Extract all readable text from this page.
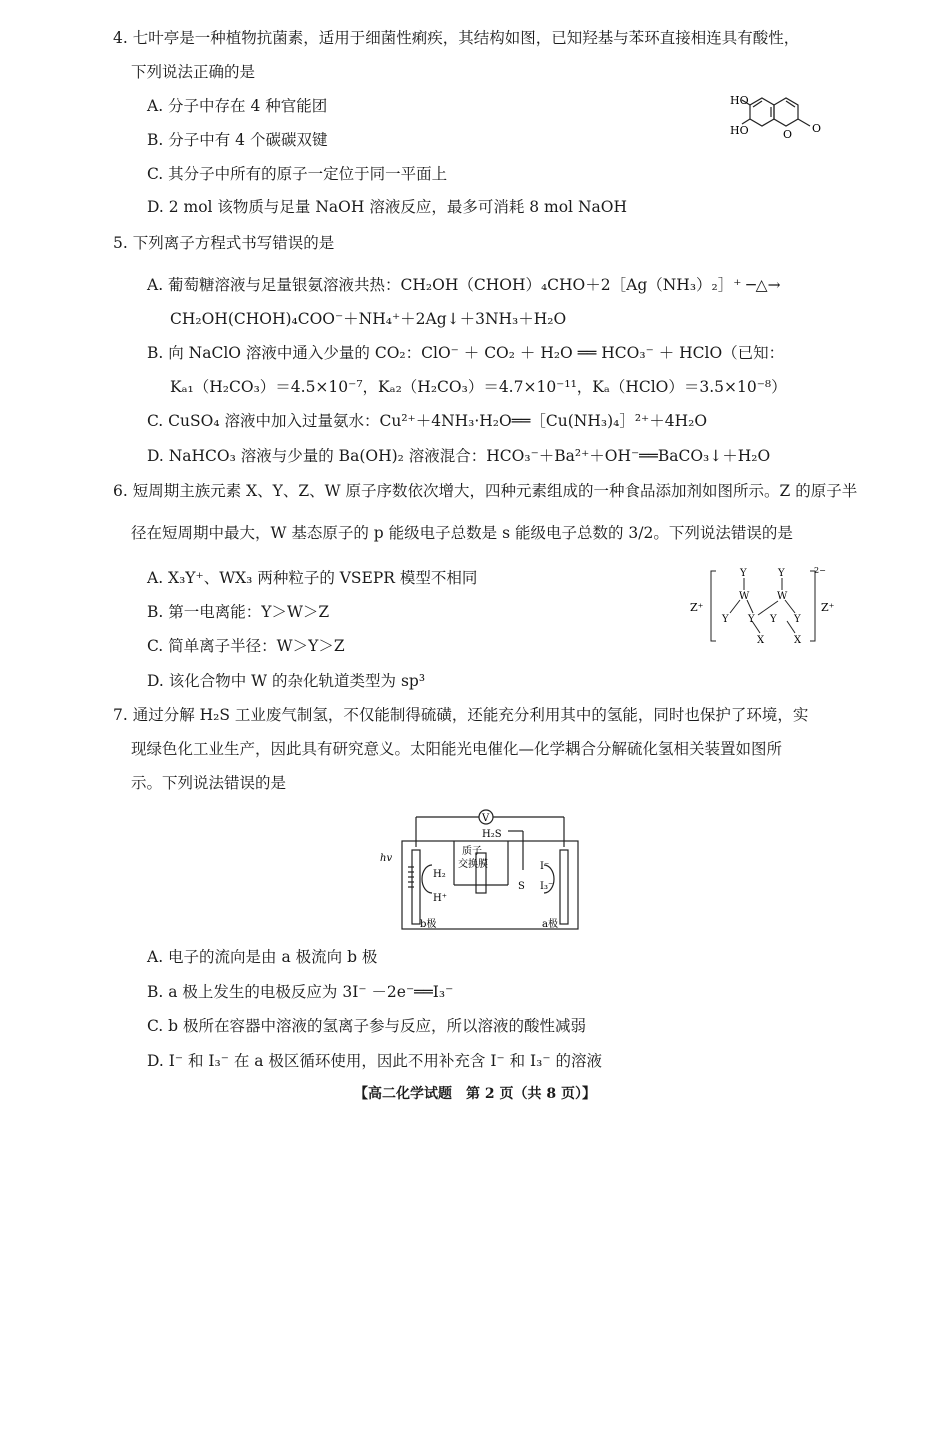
4. 七叶亭是一种植物抗菌素，适用于细菌性痢疾，其结构如图，已知羟基与苯环直接相连具有酸性，
下列说法正确的是
A. 分子中存在 4 种官能团
B. 分子中有 4 个碳碳双键
C. 其分子中所有的原子一定位于同一平面上
D. 2 mol 该物质与足量 NaOH 溶液反应，最多可消耗 8 mol NaOH
HO
HO	O O
5. 下列离子方程式书写错误的是
A. 葡萄糖溶液与足量银氨溶液共热：CH₂OH（CHOH）₄CHO＋2［Ag（NH₃）₂］⁺ ─△→
CH₂OH(CHOH)₄COO⁻＋NH₄⁺＋2Ag↓＋3NH₃＋H₂O
B. 向 NaClO 溶液中通入少量的 CO₂：ClO⁻ ＋ CO₂ ＋ H₂O ══ HCO₃⁻ ＋ HClO（已知：
Kₐ₁（H₂CO₃）＝4.5×10⁻⁷，Kₐ₂（H₂CO₃）＝4.7×10⁻¹¹，Kₐ（HClO）＝3.5×10⁻⁸）
C. CuSO₄ 溶液中加入过量氨水：Cu²⁺＋4NH₃·H₂O══［Cu(NH₃)₄］²⁺＋4H₂O
D. NaHCO₃ 溶液与少量的 Ba(OH)₂ 溶液混合：HCO₃⁻＋Ba²⁺＋OH⁻══BaCO₃↓＋H₂O
6. 短周期主族元素 X、Y、Z、W 原子序数依次增大，四种元素组成的一种食品添加剂如图所示。Z 的原子半
径在短周期中最大，W 基态原子的 p 能级电子总数是 s 能级电子总数的 3/2。下列说法错误的是
A. X₃Y⁺、WX₃ 两种粒子的 VSEPR 模型不相同
B. 第一电离能：Y＞W＞Z
C. 简单离子半径：W＞Y＞Z
D. 该化合物中 W 的杂化轨道类型为 sp³
Z⁺	Z⁺
2−
Y	Y
W	W
Y Y Y Y
X	X
7. 通过分解 H₂S 工业废气制氢，不仅能制得硫磺，还能充分利用其中的氢能，同时也保护了环境，实
现绿色化工业生产，因此具有研究意义。太阳能光电催化—化学耦合分解硫化氢相关装置如图所
示。下列说法错误的是
V
H₂S
质子
交换膜
hv
H₂
H⁺
I⁻
I₃⁻
S
b极	a极
A. 电子的流向是由 a 极流向 b 极
B. a 极上发生的电极反应为 3I⁻ －2e⁻══I₃⁻
C. b 极所在容器中溶液的氢离子参与反应，所以溶液的酸性减弱
D. I⁻ 和 I₃⁻ 在 a 极区循环使用，因此不用补充含 I⁻ 和 I₃⁻ 的溶液
【高二化学试题　第 2 页（共 8 页）】
